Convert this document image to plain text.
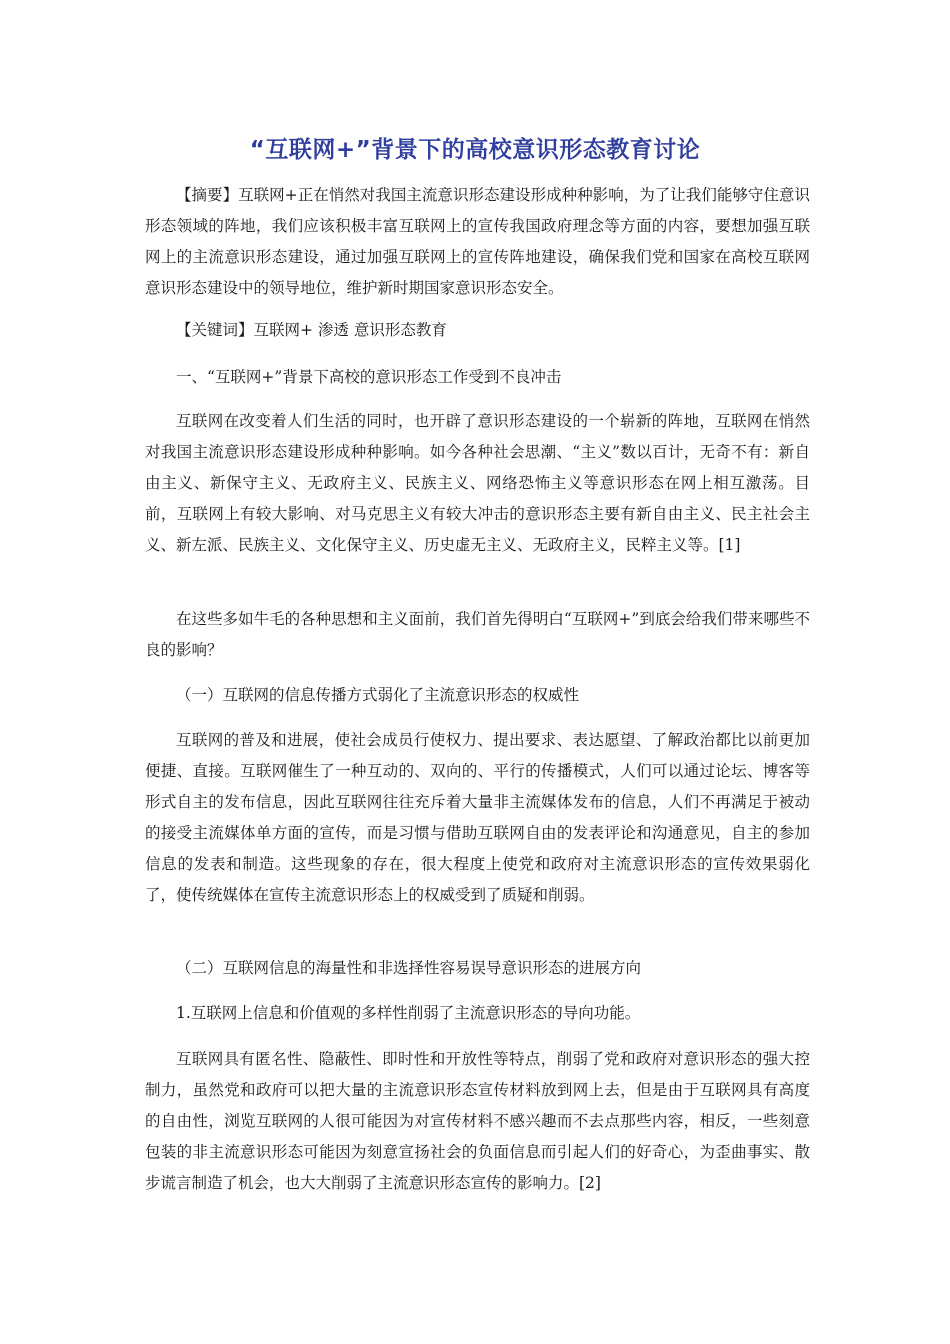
“互联网+”背景下的高校意识形态教育讨论
【摘要】互联网+正在悄然对我国主流意识形态建设形成种种影响，为了让我们能够守住意识形态领域的阵地，我们应该积极丰富互联网上的宣传我国政府理念等方面的内容，要想加强互联网上的主流意识形态建设，通过加强互联网上的宣传阵地建设，确保我们党和国家在高校互联网意识形态建设中的领导地位，维护新时期国家意识形态安全。
【关键词】互联网+ 渗透 意识形态教育
一、“互联网+”背景下高校的意识形态工作受到不良冲击
互联网在改变着人们生活的同时，也开辟了意识形态建设的一个崭新的阵地，互联网在悄然对我国主流意识形态建设形成种种影响。如今各种社会思潮、“主义”数以百计，无奇不有：新自由主义、新保守主义、无政府主义、民族主义、网络恐怖主义等意识形态在网上相互激荡。目前，互联网上有较大影响、对马克思主义有较大冲击的意识形态主要有新自由主义、民主社会主义、新左派、民族主义、文化保守主义、历史虚无主义、无政府主义，民粹主义等。[1]
在这些多如牛毛的各种思想和主义面前，我们首先得明白“互联网+”到底会给我们带来哪些不良的影响？
（一）互联网的信息传播方式弱化了主流意识形态的权威性
互联网的普及和进展，使社会成员行使权力、提出要求、表达愿望、了解政治都比以前更加便捷、直接。互联网催生了一种互动的、双向的、平行的传播模式，人们可以通过论坛、博客等形式自主的发布信息，因此互联网往往充斥着大量非主流媒体发布的信息，人们不再满足于被动的接受主流媒体单方面的宣传，而是习惯与借助互联网自由的发表评论和沟通意见，自主的参加信息的发表和制造。这些现象的存在，很大程度上使党和政府对主流意识形态的宣传效果弱化了，使传统媒体在宣传主流意识形态上的权威受到了质疑和削弱。
（二）互联网信息的海量性和非选择性容易误导意识形态的进展方向
1.互联网上信息和价值观的多样性削弱了主流意识形态的导向功能。
互联网具有匿名性、隐蔽性、即时性和开放性等特点，削弱了党和政府对意识形态的强大控制力，虽然党和政府可以把大量的主流意识形态宣传材料放到网上去，但是由于互联网具有高度的自由性，浏览互联网的人很可能因为对宣传材料不感兴趣而不去点那些内容，相反，一些刻意包装的非主流意识形态可能因为刻意宣扬社会的负面信息而引起人们的好奇心，为歪曲事实、散步谎言制造了机会，也大大削弱了主流意识形态宣传的影响力。[2]
